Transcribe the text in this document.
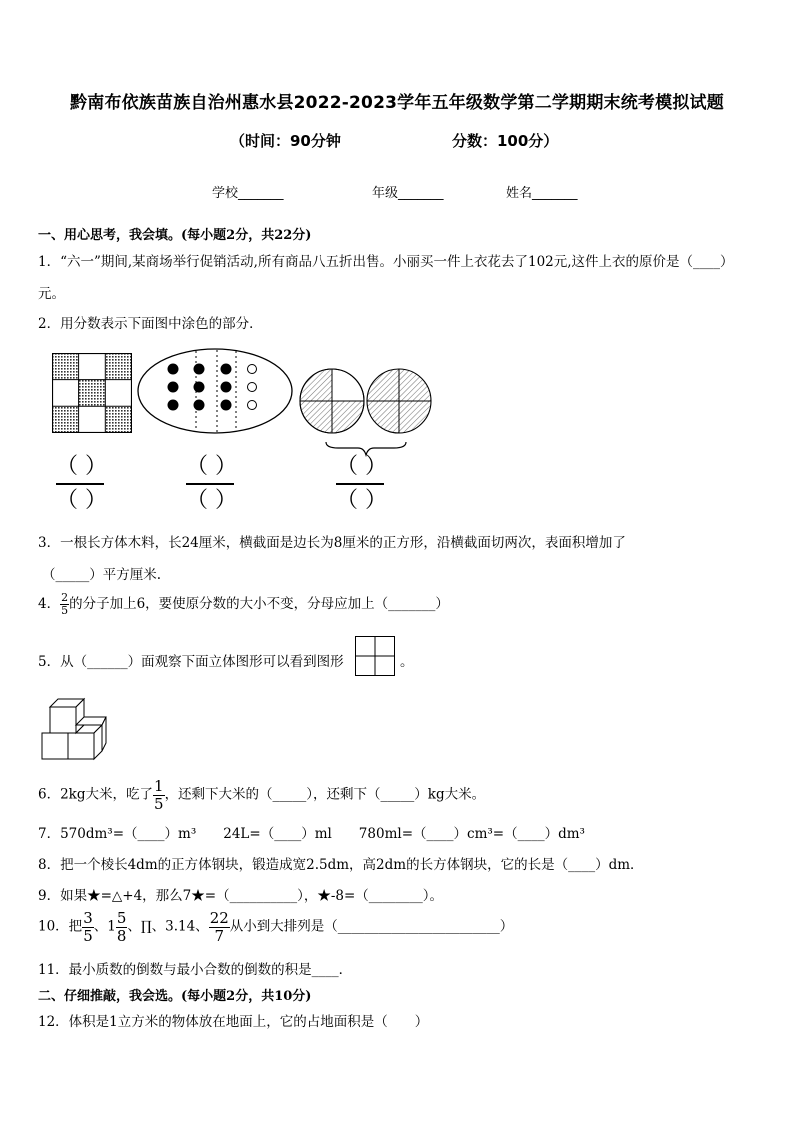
黔南布依族苗族自治州惠水县2022-2023学年五年级数学第二学期期末统考模拟试题
（时间：90分钟	分数：100分）
学校_______	年级_______	姓名_______
一、用心思考，我会填。(每小题2分，共22分)
1．“六一”期间,某商场举行促销活动,所有商品八五折出售。小丽买一件上衣花去了102元,这件上衣的原价是（____）
元。
2．用分数表示下面图中涂色的部分．
（ ）
（ ）
（ ）
（ ）
（ ）
（ ）
3．一根长方体木料，长24厘米，横截面是边长为8厘米的正方形，沿横截面切两次，表面积增加了
（_____）平方厘米.
4． $\frac{2}{5}$ 的分子加上6，要使原分数的大小不变，分母应加上（_______）
5．从（______）面观察下面立体图形可以看到图形	。
6．2kg大米，吃了 $\frac{1}{5}$ ，还剩下大米的（_____），还剩下（_____）kg大米。
7．570dm³=（____）m³　　24L=（____）ml　　780ml=（____）cm³=（____）dm³
8．把一个棱长4dm的正方体钢块，锻造成宽2.5dm，高2dm的长方体钢块，它的长是（____）dm．
9．如果★=△+4，那么7★=（__________），★-8=（________）。
10．把 $\frac{3}{5}$ 、$1 \frac{5}{8}$ 、∏、3.14、 $\frac{22}{7}$ 从小到大排列是（________________________）
11．最小质数的倒数与最小合数的倒数的积是____．
二、仔细推敲，我会选。(每小题2分，共10分)
12．体积是1立方米的物体放在地面上，它的占地面积是（　　）
